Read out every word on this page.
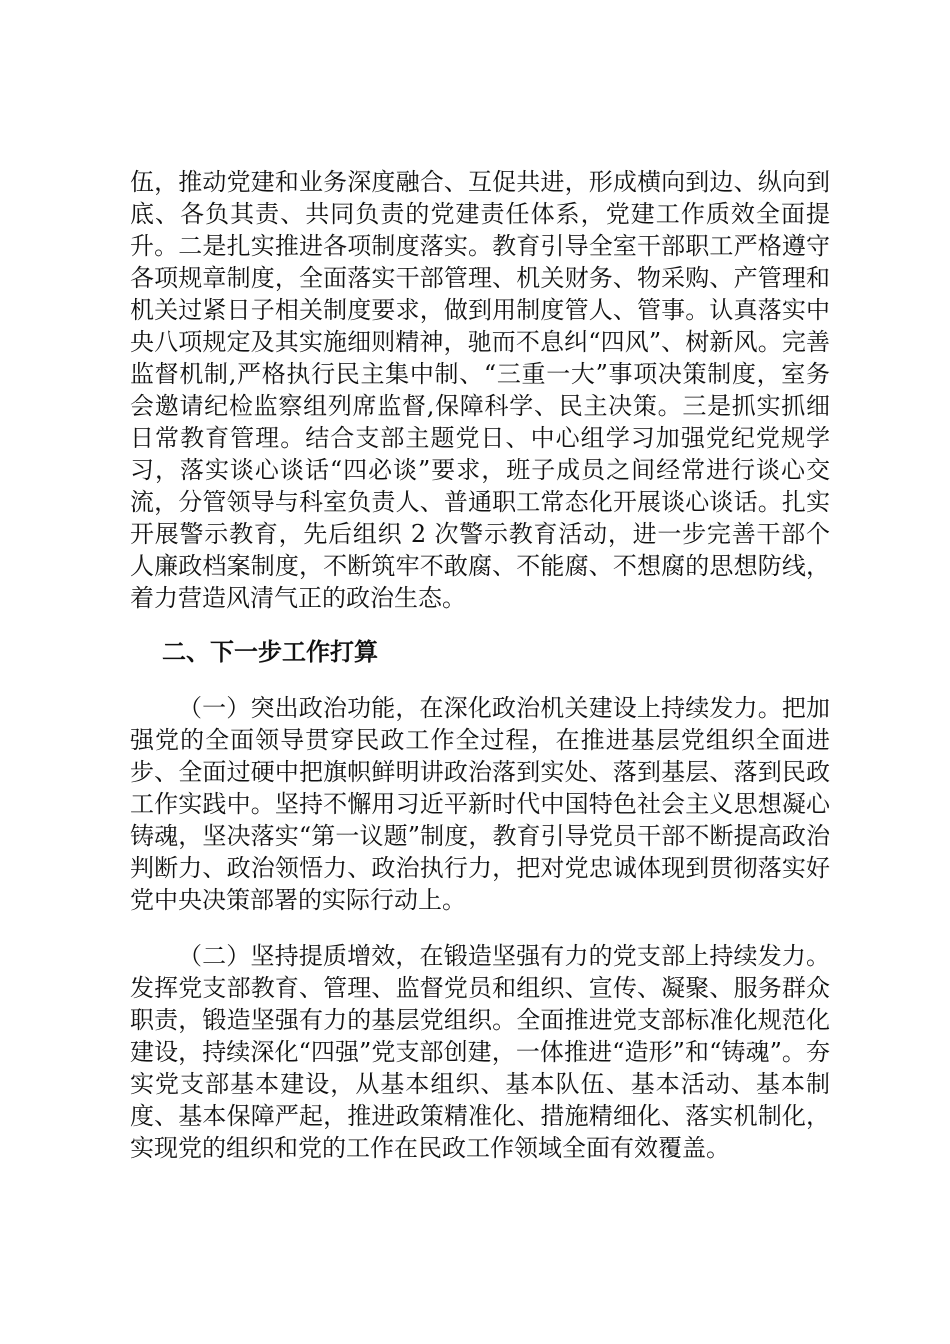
伍，推动党建和业务深度融合、互促共进，形成横向到边、纵向到底、各负其责、共同负责的党建责任体系，党建工作质效全面提升。二是扎实推进各项制度落实。教育引导全室干部职工严格遵守各项规章制度，全面落实干部管理、机关财务、物采购、产管理和机关过紧日子相关制度要求，做到用制度管人、管事。认真落实中央八项规定及其实施细则精神，驰而不息纠“四风”、树新风。完善监督机制,严格执行民主集中制、“三重一大”事项决策制度，室务会邀请纪检监察组列席监督,保障科学、民主决策。三是抓实抓细日常教育管理。结合支部主题党日、中心组学习加强党纪党规学习，落实谈心谈话“四必谈”要求，班子成员之间经常进行谈心交流，分管领导与科室负责人、普通职工常态化开展谈心谈话。扎实开展警示教育，先后组织 2 次警示教育活动，进一步完善干部个人廉政档案制度，不断筑牢不敢腐、不能腐、不想腐的思想防线，着力营造风清气正的政治生态。

二、下一步工作打算

（一）突出政治功能，在深化政治机关建设上持续发力。把加强党的全面领导贯穿民政工作全过程，在推进基层党组织全面进步、全面过硬中把旗帜鲜明讲政治落到实处、落到基层、落到民政工作实践中。坚持不懈用习近平新时代中国特色社会主义思想凝心铸魂，坚决落实“第一议题”制度，教育引导党员干部不断提高政治判断力、政治领悟力、政治执行力，把对党忠诚体现到贯彻落实好党中央决策部署的实际行动上。

（二）坚持提质增效，在锻造坚强有力的党支部上持续发力。发挥党支部教育、管理、监督党员和组织、宣传、凝聚、服务群众职责，锻造坚强有力的基层党组织。全面推进党支部标准化规范化建设，持续深化“四强”党支部创建，一体推进“造形”和“铸魂”。夯实党支部基本建设，从基本组织、基本队伍、基本活动、基本制度、基本保障严起，推进政策精准化、措施精细化、落实机制化，实现党的组织和党的工作在民政工作领域全面有效覆盖。
